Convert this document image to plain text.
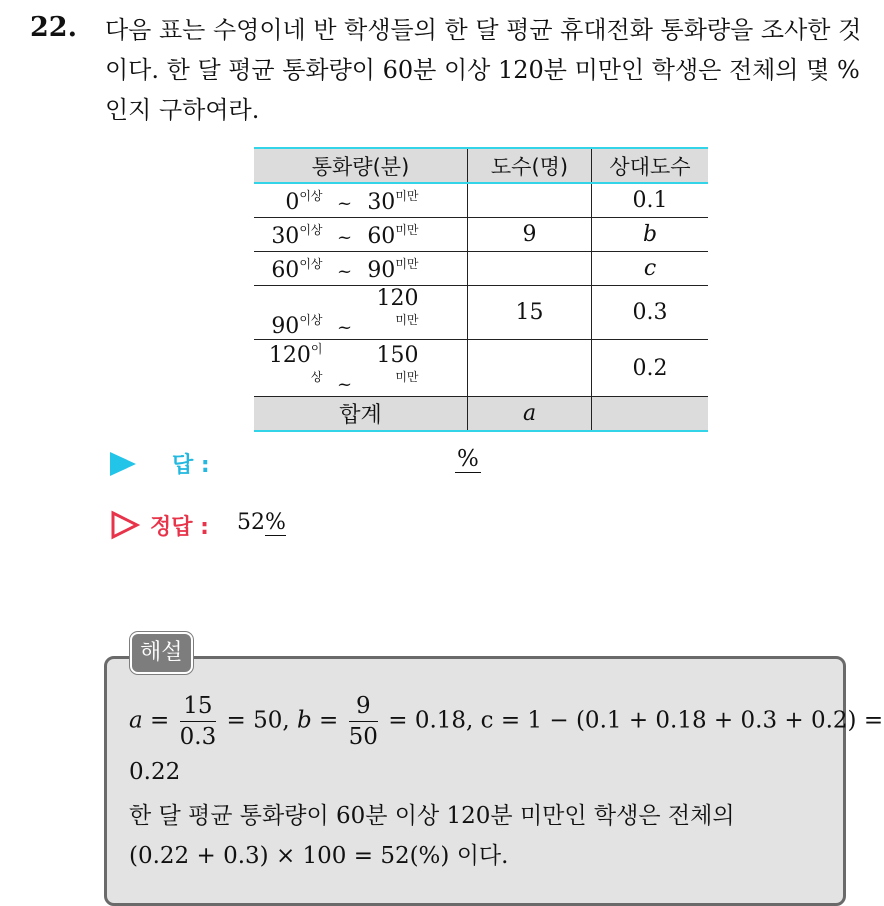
22. 다음 표는 수영이네 반 학생들의 한 달 평균 휴대전화 통화량을 조사한 것이다. 한 달 평균 통화량이 60분 이상 120분 미만인 학생은 전체의 몇 % 인지 구하여라.
통화량(분)	도수(명)	상대도수
$0^{이상}$ ~ $30^{미만}$		0.1
$30^{이상}$ ~ $60^{미만}$	9	b
$60^{이상}$ ~ $90^{미만}$		c
$90^{이상}$ $\sim 120^{미만}$	15	0.3
$120^{이상}$ $\sim 150^{미만}$		0.2
합계	a	
답 :	%
정답 : 52%
해설
$a = \frac{15}{0.3} = 50$, $b = \frac{9}{50} = 0.18$, c = 1 − (0.1 + 0.18 + 0.3 + 0.2) =
0.22
한 달 평균 통화량이 60분 이상 120분 미만인 학생은 전체의
(0.22 + 0.3) × 100 = 52(%) 이다.
